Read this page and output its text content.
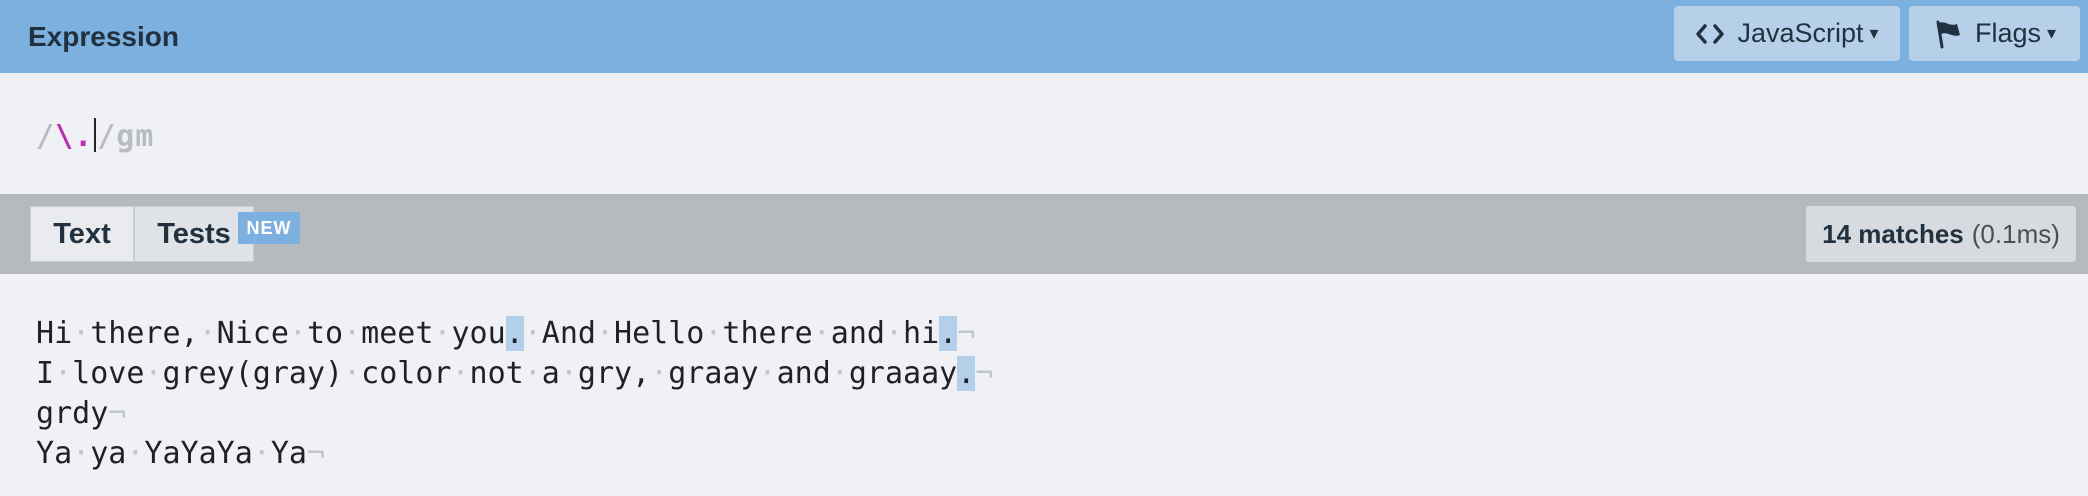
Expression	JavaScript ▾	Flags ▾
/\. /gm
Text	Tests NEW	14 matches (0.1ms)
Hi·there,·Nice·to·meet·you.·And·Hello·there·and·hi.¬
I·love·grey(gray)·color·not·a·gry,·graay·and·graaay.¬
grdy¬
Ya·ya·YaYaYa·Ya¬
